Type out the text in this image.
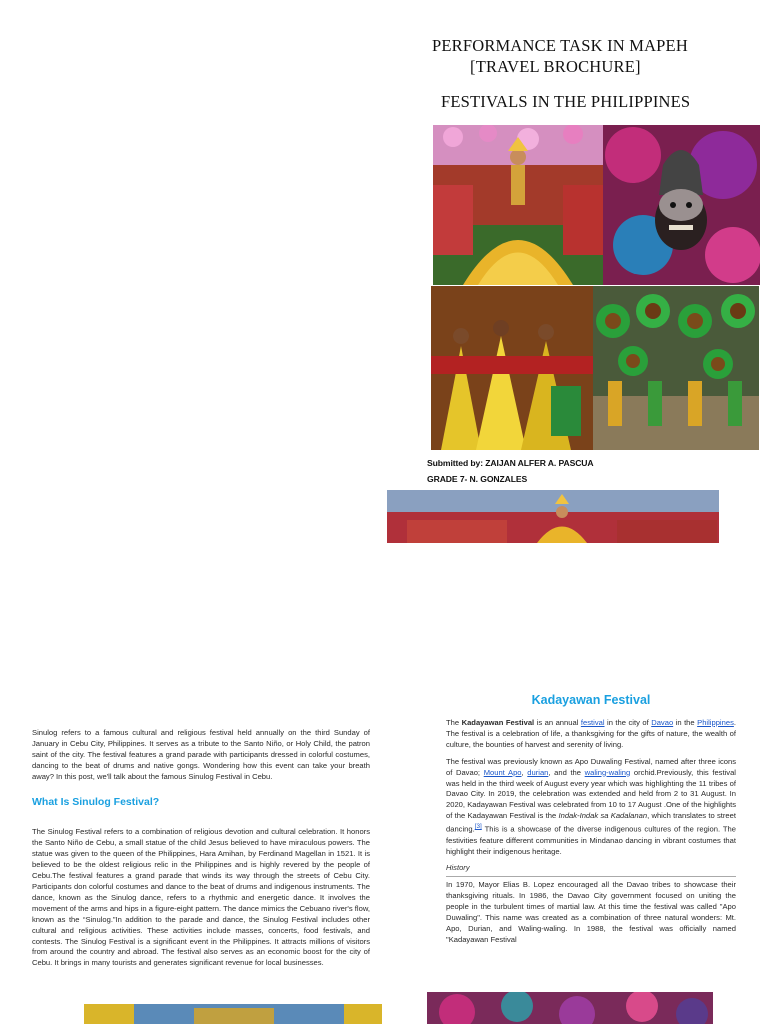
PERFORMANCE TASK IN MAPEH
[TRAVEL BROCHURE]
FESTIVALS IN THE PHILIPPINES
Submitted by: ZAIJAN ALFER A. PASCUA
GRADE 7- N. GONZALES

Sinulog refers to a famous cultural and religious festival held annually on the third Sunday of January in Cebu City, Philippines. It serves as a tribute to the Santo Niño, or Holy Child, the patron saint of the city. The festival features a grand parade with participants dressed in colorful costumes, dancing to the beat of drums and native gongs. Wondering how this event can take your breath away? In this post, we'll talk about the famous Sinulog Festival in Cebu.

What Is Sinulog Festival?

The Sinulog Festival refers to a combination of religious devotion and cultural celebration. It honors the Santo Niño de Cebu, a small statue of the child Jesus believed to have miraculous powers. The statue was given to the queen of the Philippines, Hara Amihan, by Ferdinand Magellan in 1521. It is believed to be the oldest religious relic in the Philippines and is highly revered by the people of Cebu.The festival features a grand parade that winds its way through the streets of Cebu City. Participants don colorful costumes and dance to the beat of drums and indigenous instruments. The dance, known as the Sinulog dance, refers to a rhythmic and energetic dance. It involves the movement of the arms and hips in a figure-eight pattern. The dance mimics the Cebuano river's flow, known as the “Sinulog.”In addition to the parade and dance, the Sinulog Festival includes other cultural and religious activities. These activities include masses, concerts, food festivals, and contests. The Sinulog Festival is a significant event in the Philippines. It attracts millions of visitors from around the country and abroad. The festival also serves as an economic boost for the city of Cebu. It brings in many tourists and generates significant revenue for local businesses.

Kadayawan Festival

The Kadayawan Festival is an annual festival in the city of Davao in the Philippines. The festival is a celebration of life, a thanksgiving for the gifts of nature, the wealth of culture, the bounties of harvest and serenity of living.

The festival was previously known as Apo Duwaling Festival, named after three icons of Davao; Mount Apo, durian, and the waling-waling orchid.Previously, this festival was held in the third week of August every year which was highlighting the 11 tribes of Davao City. In 2019, the celebration was extended and held from 2 to 31 August. In 2020, Kadayawan Festival was celebrated from 10 to 17 August .One of the highlights of the Kadayawan Festival is the Indak-Indak sa Kadalanan, which translates to street dancing.[3] This is a showcase of the diverse indigenous cultures of the region. The festivities feature different communities in Mindanao dancing in vibrant costumes that highlight their indigenous heritage.

History

In 1970, Mayor Elias B. Lopez encouraged all the Davao tribes to showcase their thanksgiving rituals. In 1986, the Davao City government focused on uniting the people in the turbulent times of martial law. At this time the festival was called "Apo Duwaling". This name was created as a combination of three natural wonders: Mt. Apo, Durian, and Waling-waling. In 1988, the festival was officially named "Kadayawan Festival
